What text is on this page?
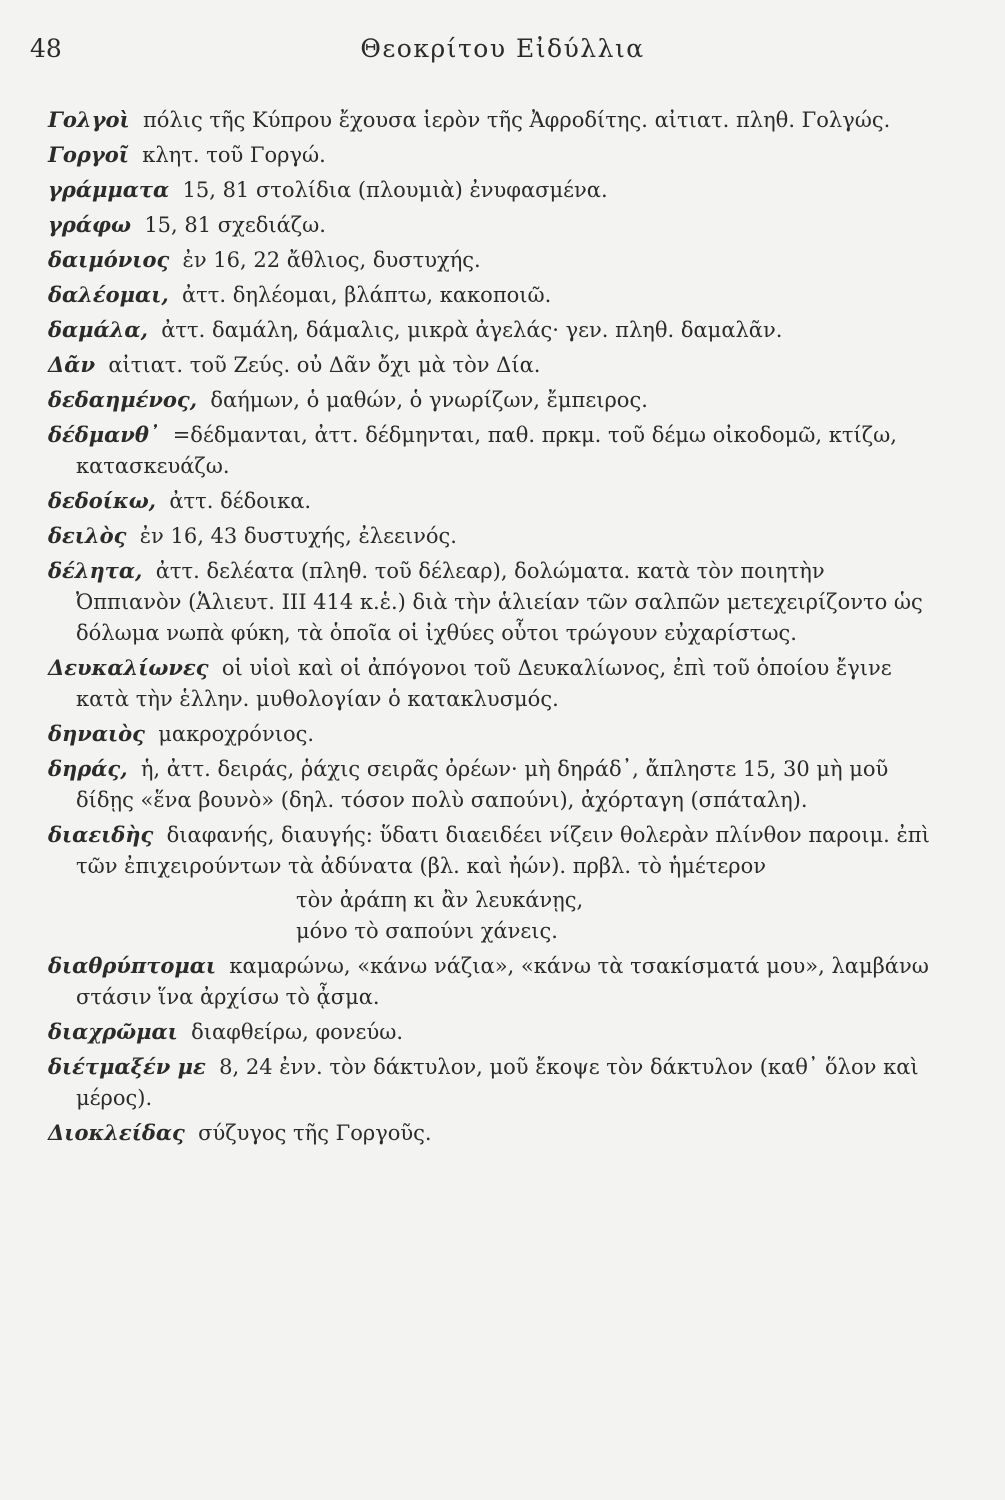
48	Θεοκρίτου Εἰδύλλια

Γολγοὶ πόλις τῆς Κύπρου ἔχουσα ἱερὸν τῆς Ἀφροδίτης. αἰτιατ. πληθ. Γολγώς.

Γοργοῖ κλητ. τοῦ Γοργώ.

γράμματα 15, 81 στολίδια (πλουμιὰ) ἐνυφασμένα.

γράφω 15, 81 σχεδιάζω.

δαιμόνιος ἐν 16, 22 ἄθλιος, δυστυχής.

δαλέομαι, ἀττ. δηλέομαι, βλάπτω, κακοποιῶ.

δαμάλα, ἀττ. δαμάλη, δάμαλις, μικρὰ ἀγελάς· γεν. πληθ. δαμαλᾶν.

Δᾶν αἰτιατ. τοῦ Ζεύς. οὐ Δᾶν ὄχι μὰ τὸν Δία.

δεδαημένος, δαήμων, ὁ μαθών, ὁ γνωρίζων, ἔμπειρος.

δέδμανθ᾽ =δέδμανται, ἀττ. δέδμηνται, παθ. πρκμ. τοῦ δέμω οἰκοδομῶ, κτίζω, κατασκευάζω.

δεδοίκω, ἀττ. δέδοικα.

δειλὸς ἐν 16, 43 δυστυχής, ἐλεεινός.

δέλητα, ἀττ. δελέατα (πληθ. τοῦ δέλεαρ), δολώματα. κατὰ τὸν ποιητὴν Ὀππιανὸν (Ἁλιευτ. III 414 κ.ἑ.) διὰ τὴν ἁλιείαν τῶν σαλπῶν μετεχειρίζοντο ὡς δόλωμα νωπὰ φύκη, τὰ ὁποῖα οἱ ἰχθύες οὗτοι τρώγουν εὐχαρίστως.

Δευκαλίωνες οἱ υἱοὶ καὶ οἱ ἀπόγονοι τοῦ Δευκαλίωνος, ἐπὶ τοῦ ὁποίου ἔγινε κατὰ τὴν ἑλλην. μυθολογίαν ὁ κατακλυσμός.

δηναιὸς μακροχρόνιος.

δηράς, ἡ, ἀττ. δειράς, ῥάχις σειρᾶς ὀρέων· μὴ δηράδ᾽, ἄπληστε 15, 30 μὴ μοῦ δίδῃς «ἕνα βουνὸ» (δηλ. τόσον πολὺ σαπούνι), ἀχόρταγη (σπάταλη).

διαειδὴς διαφανής, διαυγής: ὕδατι διαειδέει νίζειν θολερὰν πλίνθον παροιμ. ἐπὶ τῶν ἐπιχειρούντων τὰ ἀδύνατα (βλ. καὶ ἠών). πρβλ. τὸ ἡμέτερον

τὸν ἀράπη κι ἂν λευκάνῃς,
μόνο τὸ σαπούνι χάνεις.

διαθρύπτομαι καμαρώνω, «κάνω νάζια», «κάνω τὰ τσακίσματά μου», λαμβάνω στάσιν ἵνα ἀρχίσω τὸ ᾆσμα.

διαχρῶμαι διαφθείρω, φονεύω.

διέτμαξέν με 8, 24 ἐνν. τὸν δάκτυλον, μοῦ ἔκοψε τὸν δάκτυλον (καθ᾽ ὅλον καὶ μέρος).

Διοκλείδας σύζυγος τῆς Γοργοῦς.
